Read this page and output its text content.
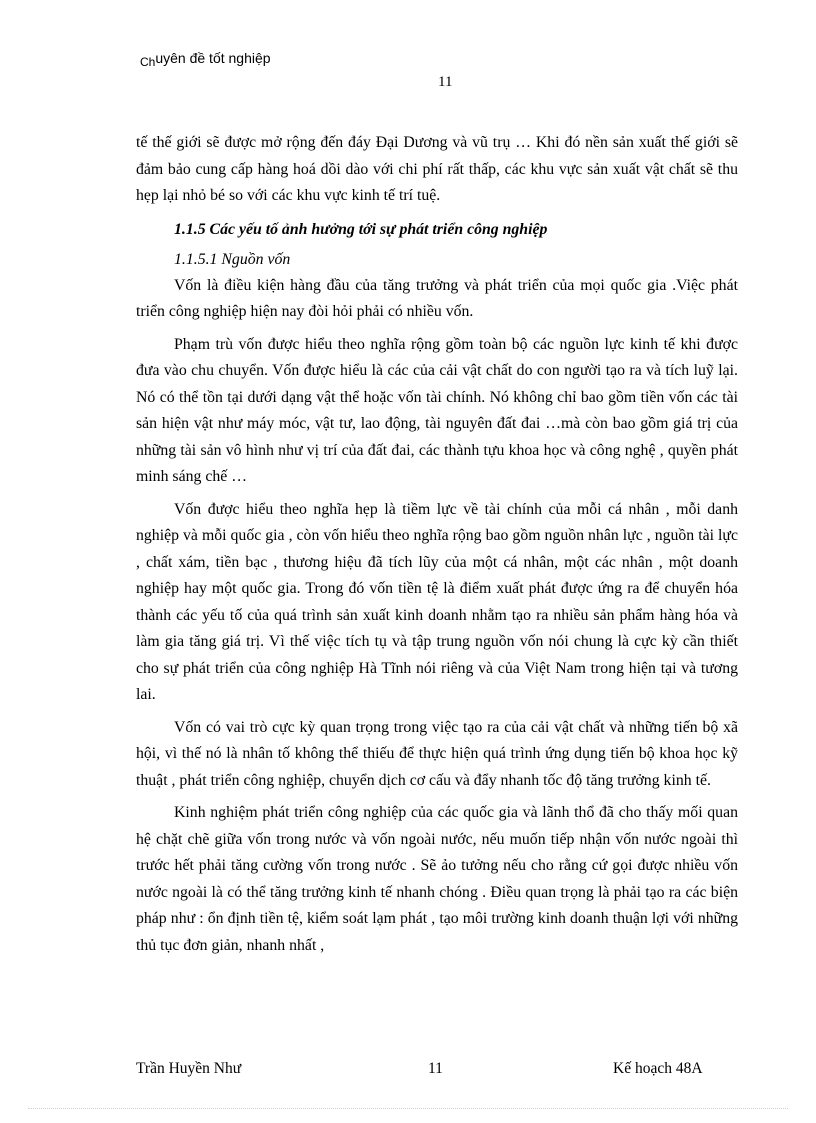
Chuyên đề tốt nghiệp
11

tế thế giới sẽ được mở rộng đến đáy Đại Dương và vũ trụ … Khi đó nền sản xuất thế giới sẽ đảm bảo cung cấp hàng hoá dồi dào với chi phí rất thấp, các khu vực sản xuất vật chất sẽ thu hẹp lại nhỏ bé so với các khu vực kinh tế trí tuệ.

1.1.5 Các yếu tố ảnh hưởng tới sự phát triển công nghiệp

1.1.5.1 Nguồn vốn

Vốn là điều kiện hàng đầu của tăng trưởng và phát triển của mọi quốc gia .Việc phát triển công nghiệp hiện nay đòi hỏi phải có nhiều vốn.

Phạm trù vốn được hiểu theo nghĩa rộng gồm toàn bộ các nguồn lực kinh tế khi được đưa vào chu chuyển. Vốn được hiểu là các của cải vật chất do con người tạo ra và tích luỹ lại. Nó có thể tồn tại dưới dạng vật thể hoặc vốn tài chính. Nó không chỉ bao gồm tiền vốn các tài sản hiện vật như máy móc, vật tư, lao động, tài nguyên đất đai …mà còn bao gồm giá trị của những tài sản vô hình như vị trí của đất đai, các thành tựu khoa học và công nghệ , quyền phát minh sáng chế …

Vốn được hiểu theo nghĩa hẹp là tiềm lực về tài chính của mỗi cá nhân , mỗi danh nghiệp và mỗi quốc gia , còn vốn hiểu theo nghĩa rộng bao gồm nguồn nhân lực , nguồn tài lực , chất xám, tiền bạc , thương hiệu đã tích lũy của một cá nhân, một các nhân , một doanh nghiệp hay một quốc gia. Trong đó vốn tiền tệ là điểm xuất phát được ứng ra để chuyển hóa thành các yếu tố của quá trình sản xuất kinh doanh nhằm tạo ra nhiều sản phẩm hàng hóa và làm gia tăng giá trị. Vì thế việc tích tụ và tập trung nguồn vốn nói chung là cực kỳ cần thiết cho sự phát triển của công nghiệp Hà Tĩnh nói riêng và của Việt Nam trong hiện tại và tương lai.

Vốn có vai trò cực kỳ quan trọng trong việc tạo ra của cải vật chất và những tiến bộ xã hội, vì thế nó là nhân tố không thể thiếu để thực hiện quá trình ứng dụng tiến bộ khoa học kỹ thuật , phát triển công nghiệp, chuyển dịch cơ cấu và đẩy nhanh tốc độ tăng trưởng kinh tế.

Kinh nghiệm phát triển công nghiệp của các quốc gia và lãnh thổ đã cho thấy mối quan hệ chặt chẽ giữa vốn trong nước và vốn ngoài nước, nếu muốn tiếp nhận vốn nước ngoài thì trước hết phải tăng cường vốn trong nước . Sẽ ảo tưởng nếu cho rằng cứ gọi được nhiều vốn nước ngoài là có thể tăng trưởng kinh tế nhanh chóng . Điều quan trọng là phải tạo ra các biện pháp như : ổn định tiền tệ, kiểm soát lạm phát , tạo môi trường kinh doanh thuận lợi với những thủ tục đơn giản, nhanh nhất ,

Trần Huyền Như	11	Kế hoạch 48A
